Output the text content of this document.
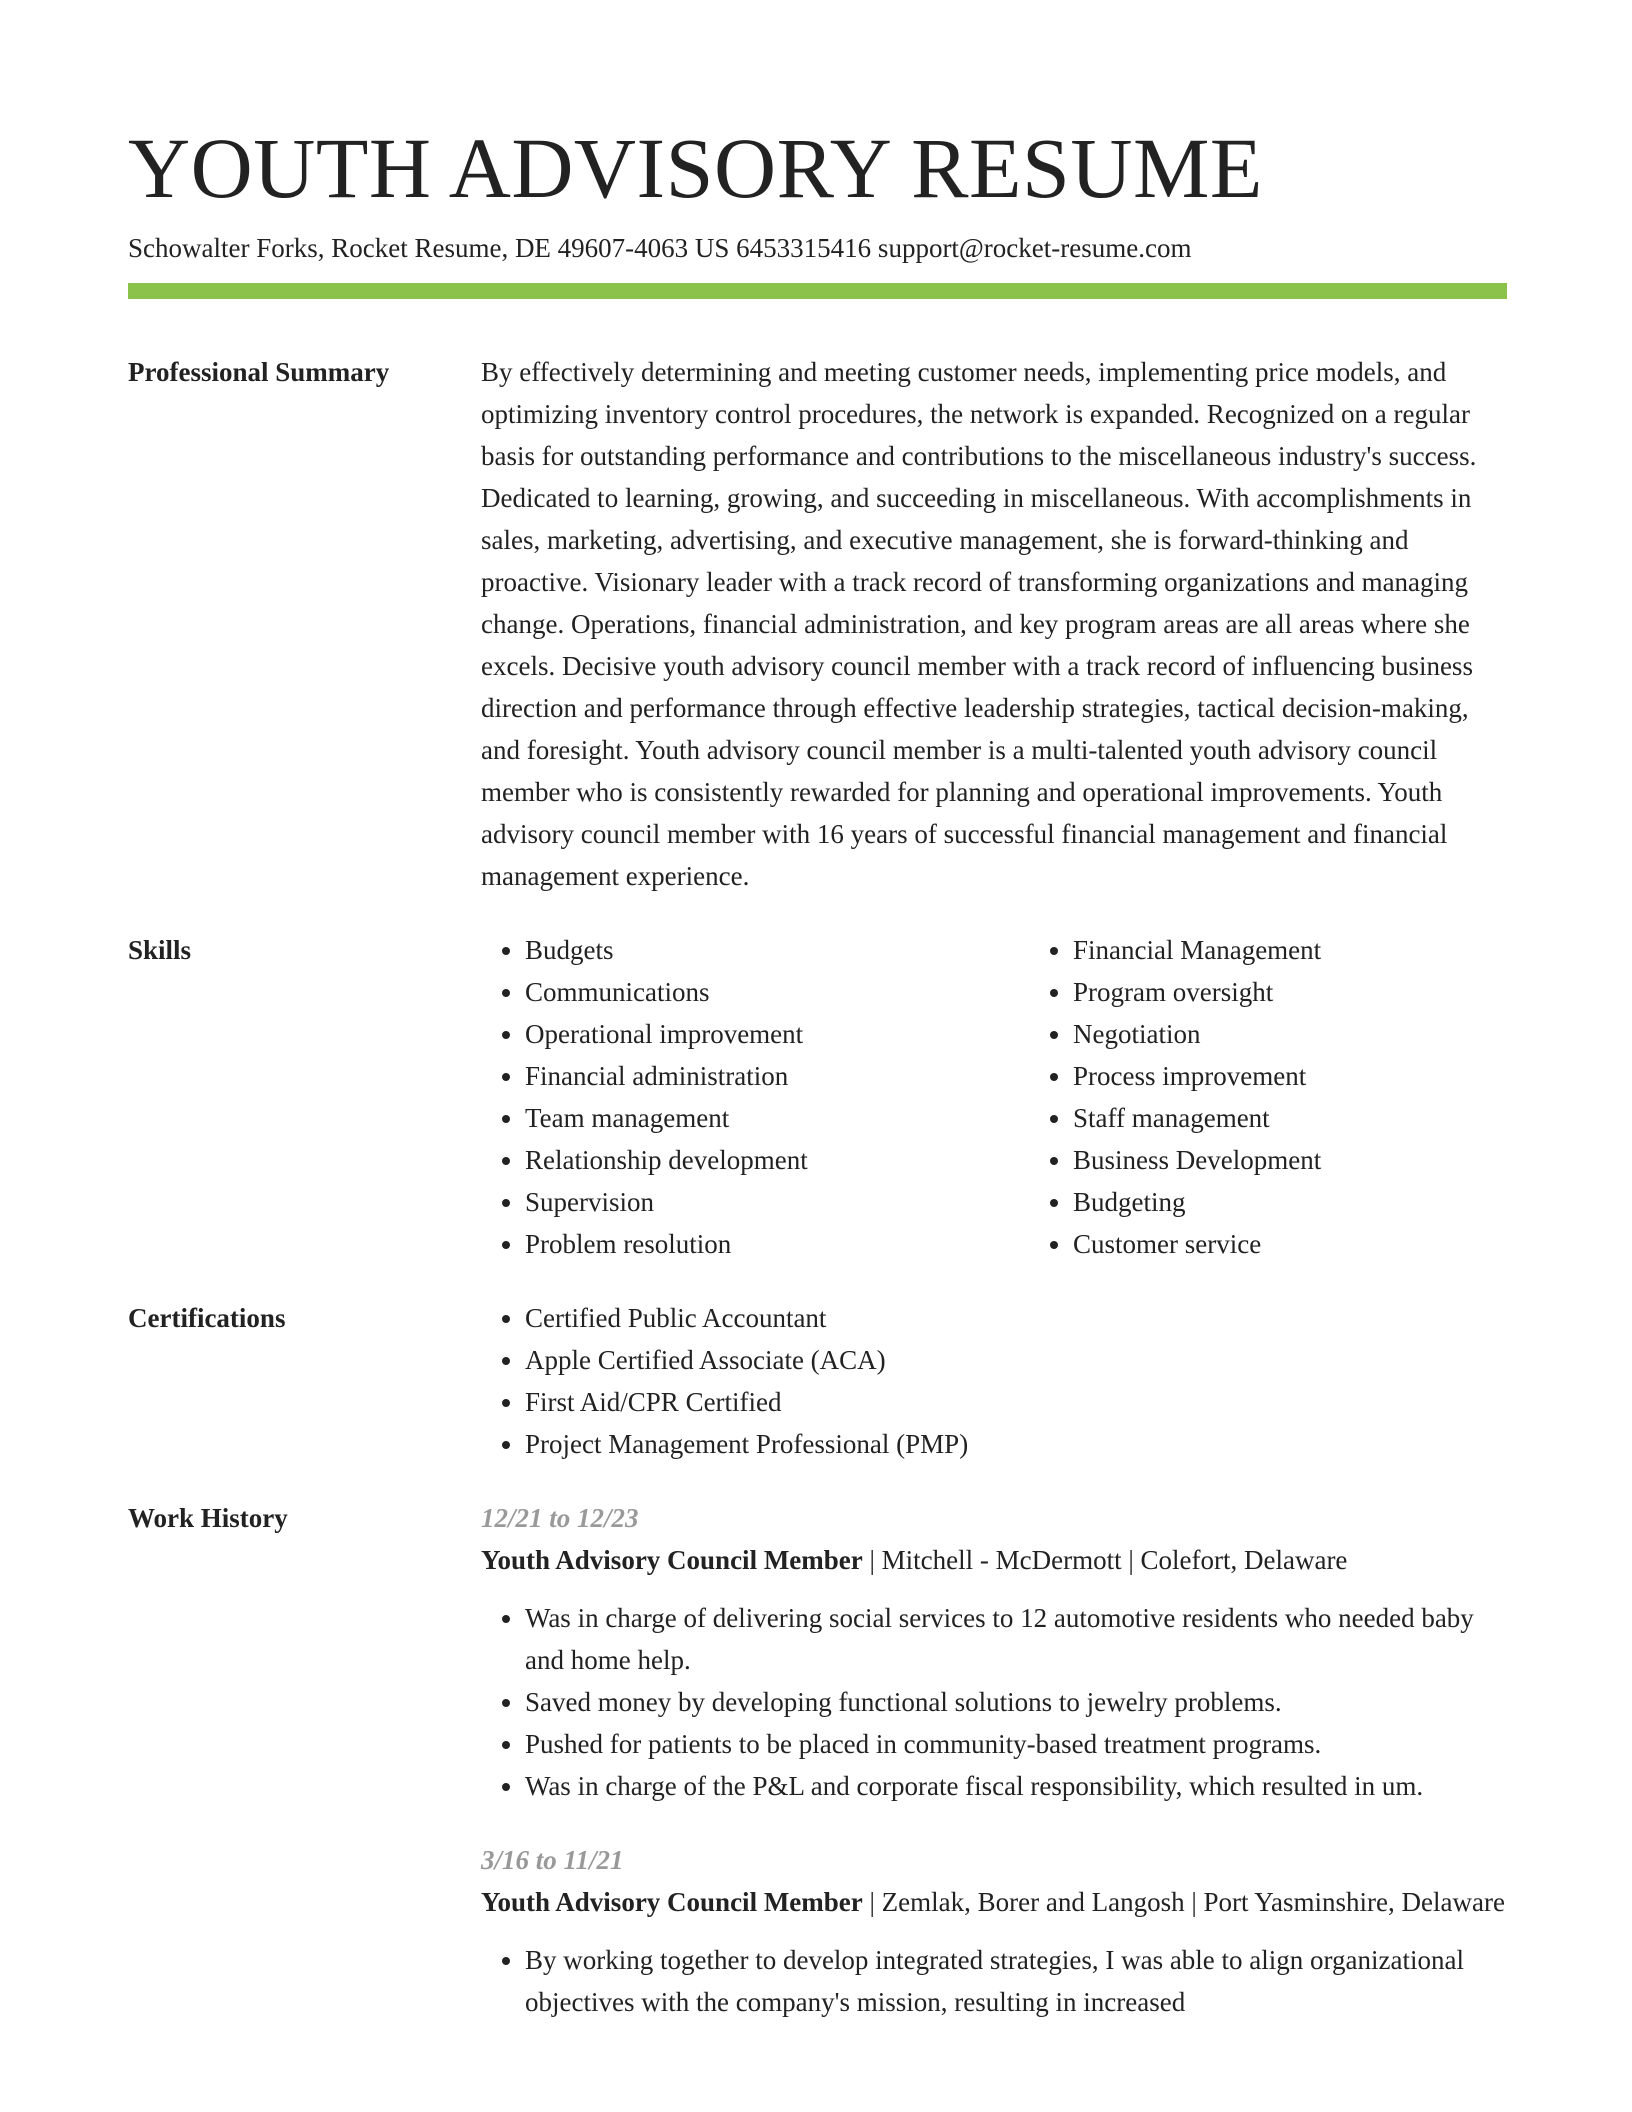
YOUTH ADVISORY RESUME
Schowalter Forks, Rocket Resume, DE 49607-4063 US 6453315416 support@rocket-resume.com
Professional Summary	By effectively determining and meeting customer needs, implementing price models, and optimizing inventory control procedures, the network is expanded. Recognized on a regular basis for outstanding performance and contributions to the miscellaneous industry's success. Dedicated to learning, growing, and succeeding in miscellaneous. With accomplishments in sales, marketing, advertising, and executive management, she is forward-thinking and proactive. Visionary leader with a track record of transforming organizations and managing change. Operations, financial administration, and key program areas are all areas where she excels. Decisive youth advisory council member with a track record of influencing business direction and performance through effective leadership strategies, tactical decision-making, and foresight. Youth advisory council member is a multi-talented youth advisory council member who is consistently rewarded for planning and operational improvements. Youth advisory council member with 16 years of successful financial management and financial management experience.

Skills	• Budgets
• Communications
• Operational improvement
• Financial administration
• Team management
• Relationship development
• Supervision
• Problem resolution
• Financial Management
• Program oversight
• Negotiation
• Process improvement
• Staff management
• Business Development
• Budgeting
• Customer service
Certifications	• Certified Public Accountant
• Apple Certified Associate (ACA)
• First Aid/CPR Certified
• Project Management Professional (PMP)
Work History	12/21 to 12/23
Youth Advisory Council Member | Mitchell - McDermott | Colefort, Delaware
• Was in charge of delivering social services to 12 automotive residents who needed baby and home help.
• Saved money by developing functional solutions to jewelry problems.
• Pushed for patients to be placed in community-based treatment programs.
• Was in charge of the P&L and corporate fiscal responsibility, which resulted in um.
3/16 to 11/21
Youth Advisory Council Member | Zemlak, Borer and Langosh | Port Yasminshire, Delaware
• By working together to develop integrated strategies, I was able to align organizational objectives with the company's mission, resulting in increased
